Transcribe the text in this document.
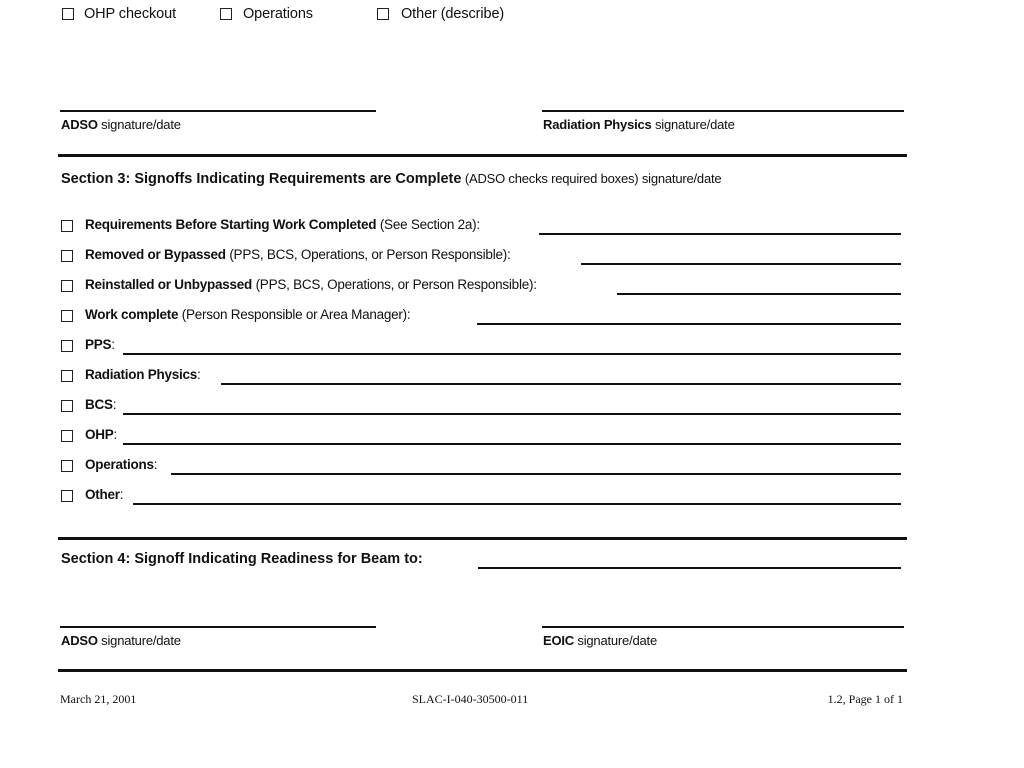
OHP checkout	Operations	Other (describe)
ADSO signature/date	Radiation Physics signature/date
Section 3: Signoffs Indicating Requirements are Complete (ADSO checks required boxes) signature/date
Requirements Before Starting Work Completed (See Section 2a):
Removed or Bypassed (PPS, BCS, Operations, or Person Responsible):
Reinstalled or Unbypassed (PPS, BCS, Operations, or Person Responsible):
Work complete (Person Responsible or Area Manager):
PPS:
Radiation Physics:
BCS:
OHP:
Operations:
Other:
Section 4: Signoff Indicating Readiness for Beam to:
ADSO signature/date	EOIC signature/date
March 21, 2001	SLAC-I-040-30500-011	1.2, Page 1 of 1
